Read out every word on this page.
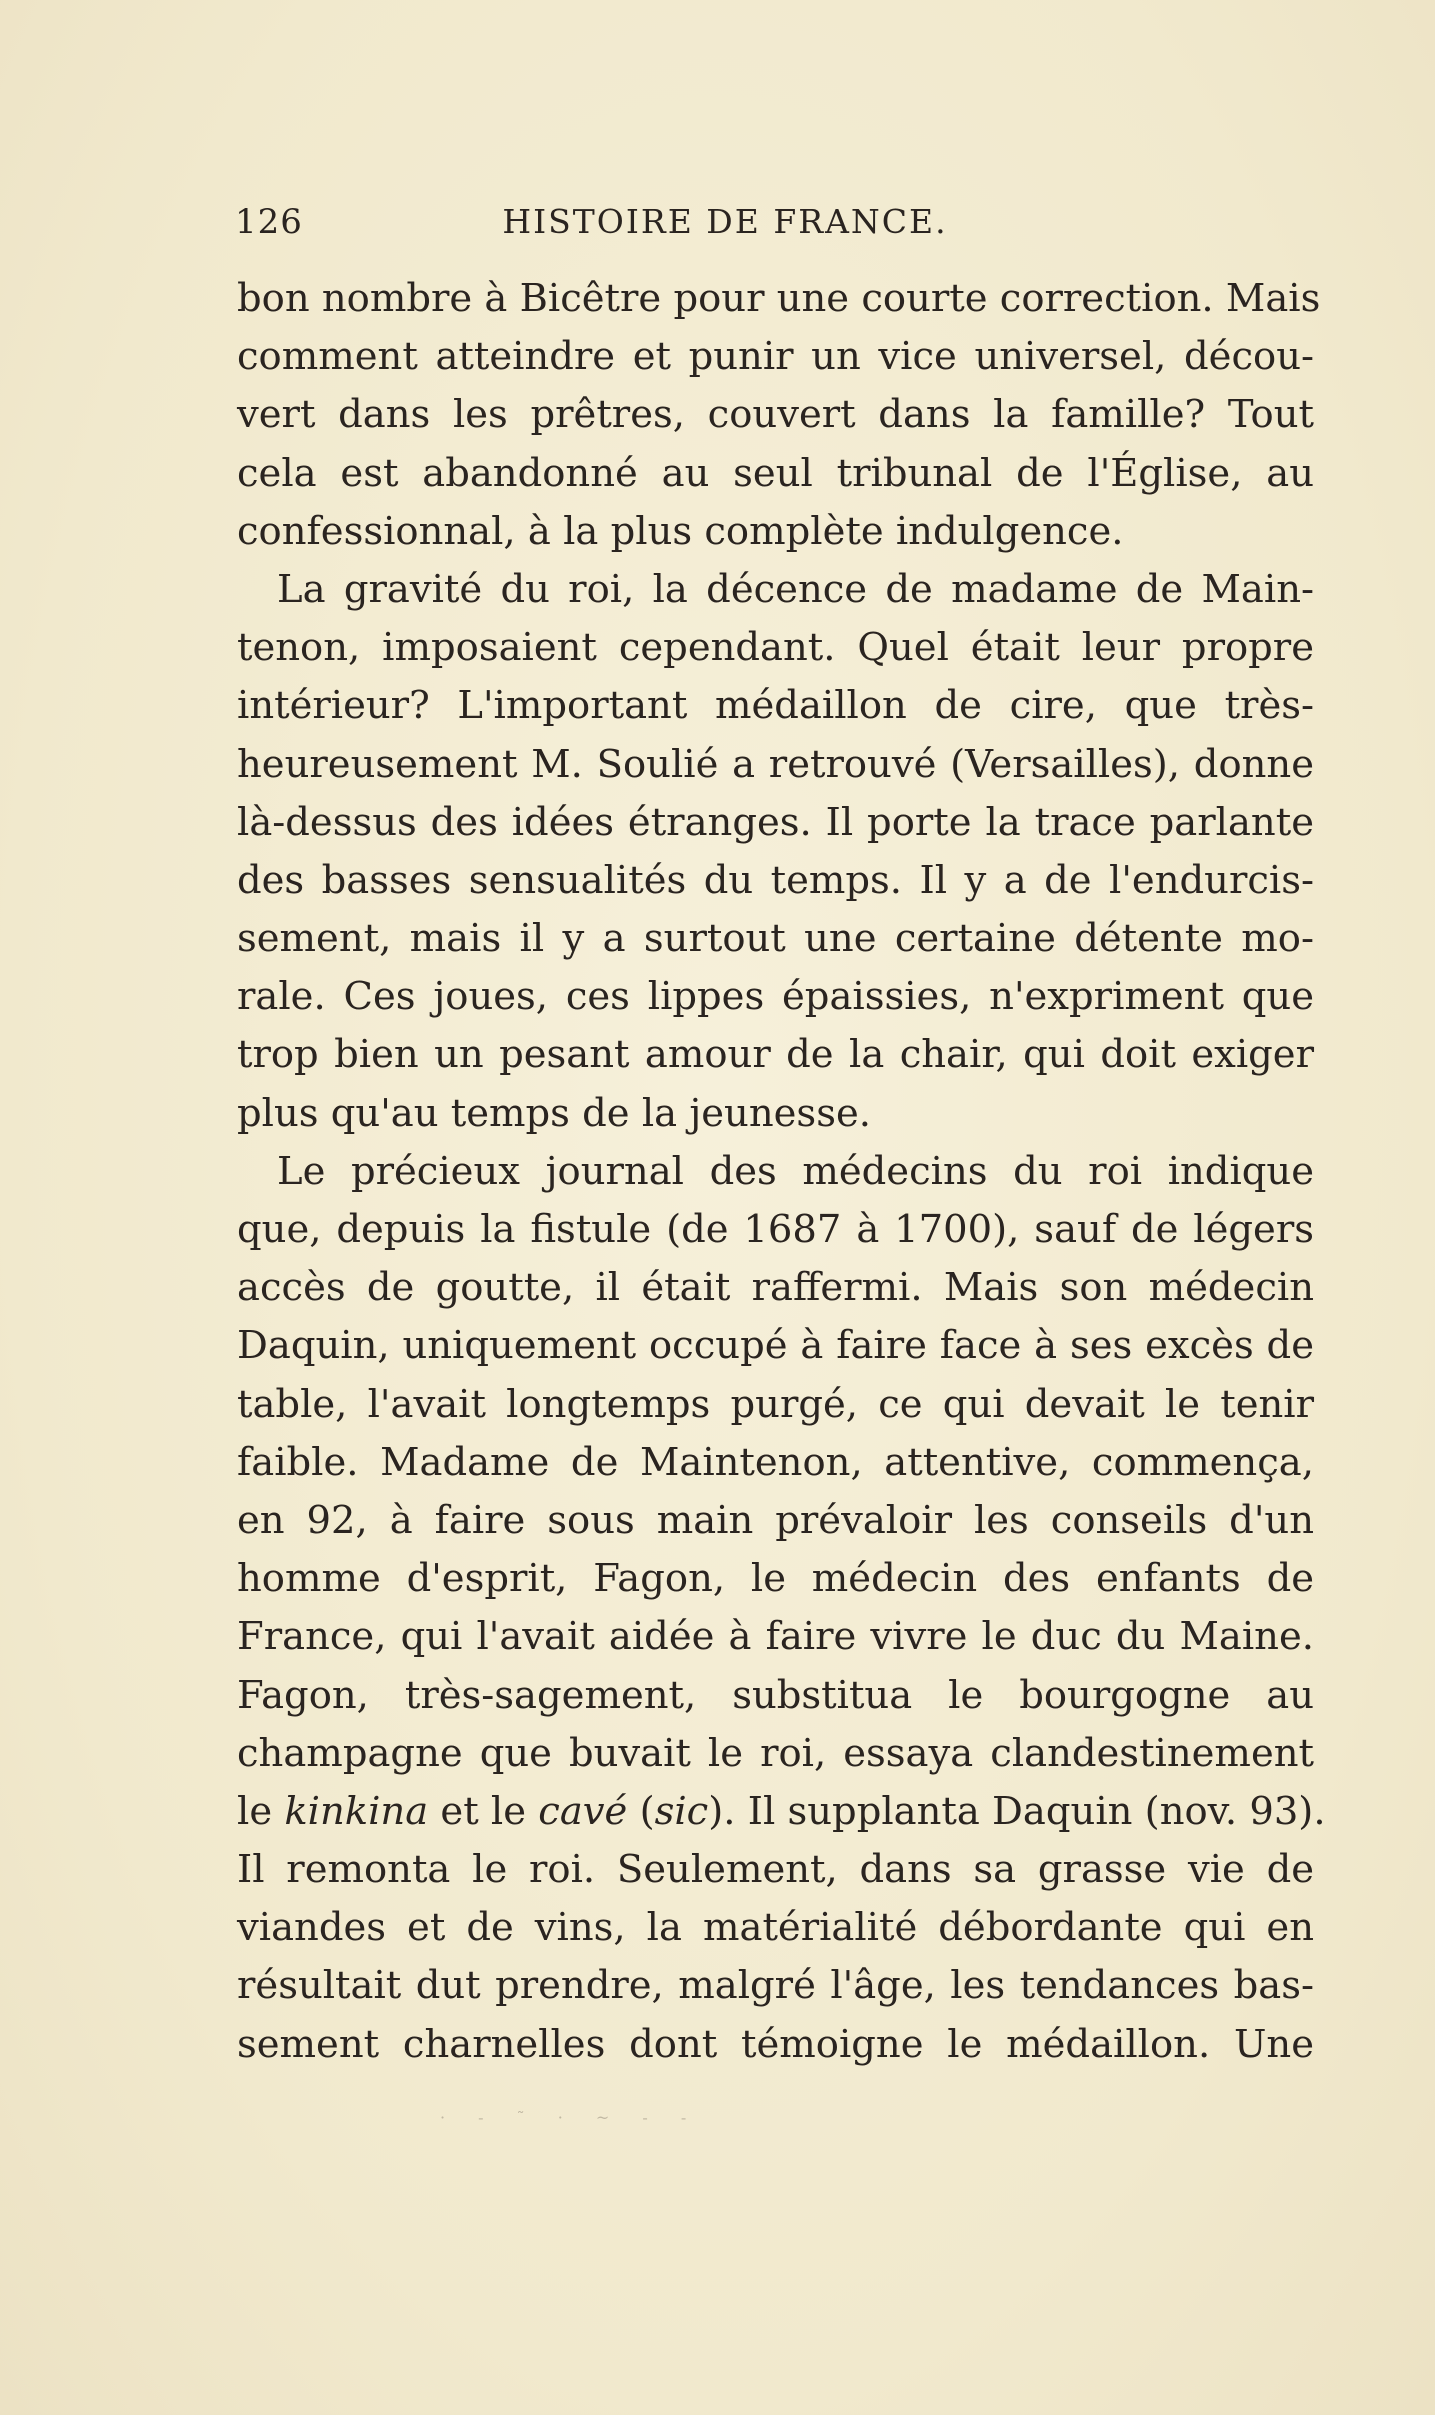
126	HISTOIRE DE FRANCE.
bon nombre à Bicêtre pour une courte correction. Mais
comment atteindre et punir un vice universel, décou-
vert dans les prêtres, couvert dans la famille? Tout
cela est abandonné au seul tribunal de l'Église, au
confessionnal, à la plus complète indulgence.
La gravité du roi, la décence de madame de Main-
tenon, imposaient cependant. Quel était leur propre
intérieur? L'important médaillon de cire, que très-
heureusement M. Soulié a retrouvé (Versailles), donne
là-dessus des idées étranges. Il porte la trace parlante
des basses sensualités du temps. Il y a de l'endurcis-
sement, mais il y a surtout une certaine détente mo-
rale. Ces joues, ces lippes épaissies, n'expriment que
trop bien un pesant amour de la chair, qui doit exiger
plus qu'au temps de la jeunesse.
Le précieux journal des médecins du roi indique
que, depuis la fistule (de 1687 à 1700), sauf de légers
accès de goutte, il était raffermi. Mais son médecin
Daquin, uniquement occupé à faire face à ses excès de
table, l'avait longtemps purgé, ce qui devait le tenir
faible. Madame de Maintenon, attentive, commença,
en 92, à faire sous main prévaloir les conseils d'un
homme d'esprit, Fagon, le médecin des enfants de
France, qui l'avait aidée à faire vivre le duc du Maine.
Fagon, très-sagement, substitua le bourgogne au
champagne que buvait le roi, essaya clandestinement
le kinkina et le cavé (sic). Il supplanta Daquin (nov. 93).
Il remonta le roi. Seulement, dans sa grasse vie de
viandes et de vins, la matérialité débordante qui en
résultait dut prendre, malgré l'âge, les tendances bas-
sement charnelles dont témoigne le médaillon. Une
· - ˜ · ~ - -
